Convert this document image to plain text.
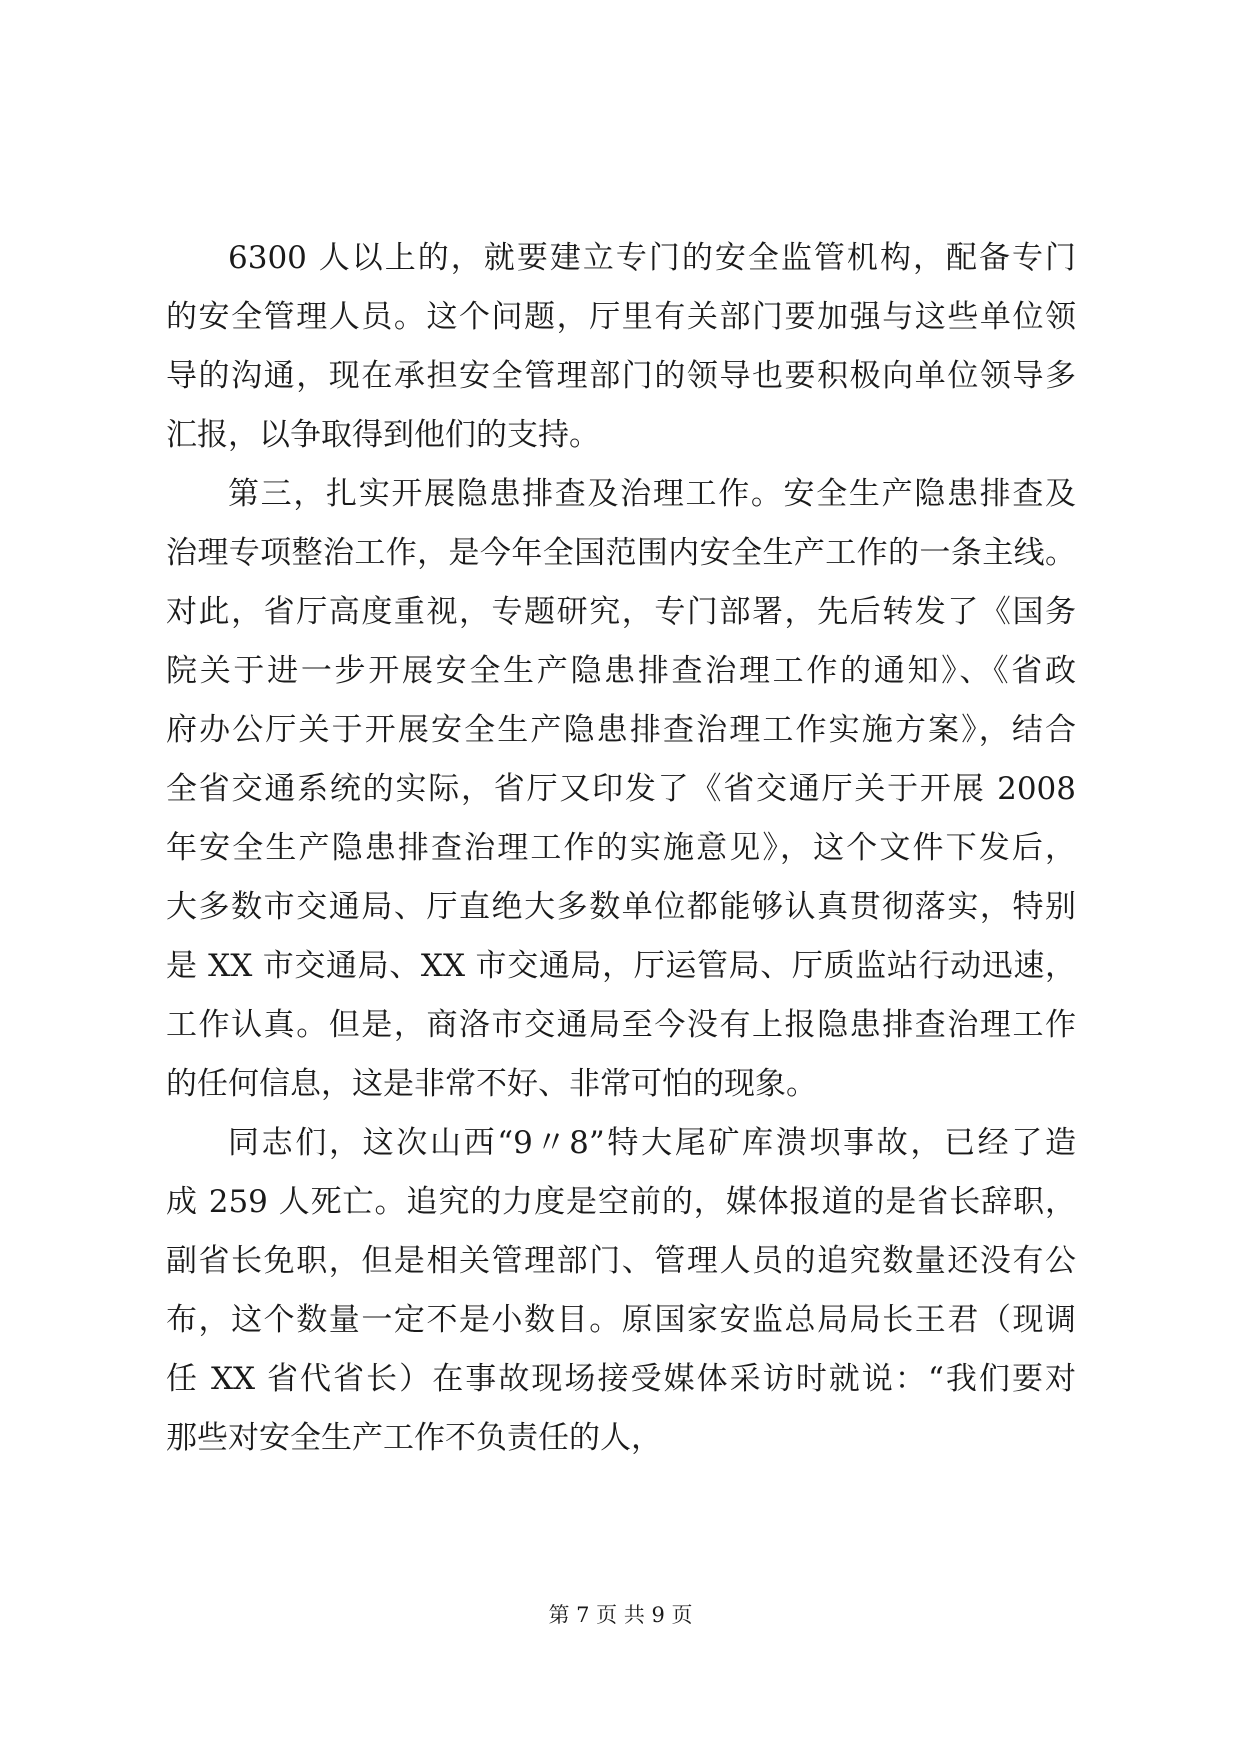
6300 人以上的，就要建立专门的安全监管机构，配备专门
的安全管理人员。这个问题，厅里有关部门要加强与这些单位领
导的沟通，现在承担安全管理部门的领导也要积极向单位领导多
汇报，以争取得到他们的支持。
第三，扎实开展隐患排查及治理工作。安全生产隐患排查及
治理专项整治工作，是今年全国范围内安全生产工作的一条主线。
对此，省厅高度重视，专题研究，专门部署，先后转发了《国务
院关于进一步开展安全生产隐患排查治理工作的通知》、《省政
府办公厅关于开展安全生产隐患排查治理工作实施方案》，结合
全省交通系统的实际，省厅又印发了《省交通厅关于开展 2008
年安全生产隐患排查治理工作的实施意见》，这个文件下发后，
大多数市交通局、厅直绝大多数单位都能够认真贯彻落实，特别
是 XX 市交通局、XX 市交通局，厅运管局、厅质监站行动迅速，
工作认真。但是，商洛市交通局至今没有上报隐患排查治理工作
的任何信息，这是非常不好、非常可怕的现象。
同志们，这次山西“9〃8”特大尾矿库溃坝事故，已经了造
成 259 人死亡。追究的力度是空前的，媒体报道的是省长辞职，
副省长免职，但是相关管理部门、管理人员的追究数量还没有公
布，这个数量一定不是小数目。原国家安监总局局长王君（现调
任 XX 省代省长）在事故现场接受媒体采访时就说：“我们要对
那些对安全生产工作不负责任的人，
第 7 页 共 9 页
